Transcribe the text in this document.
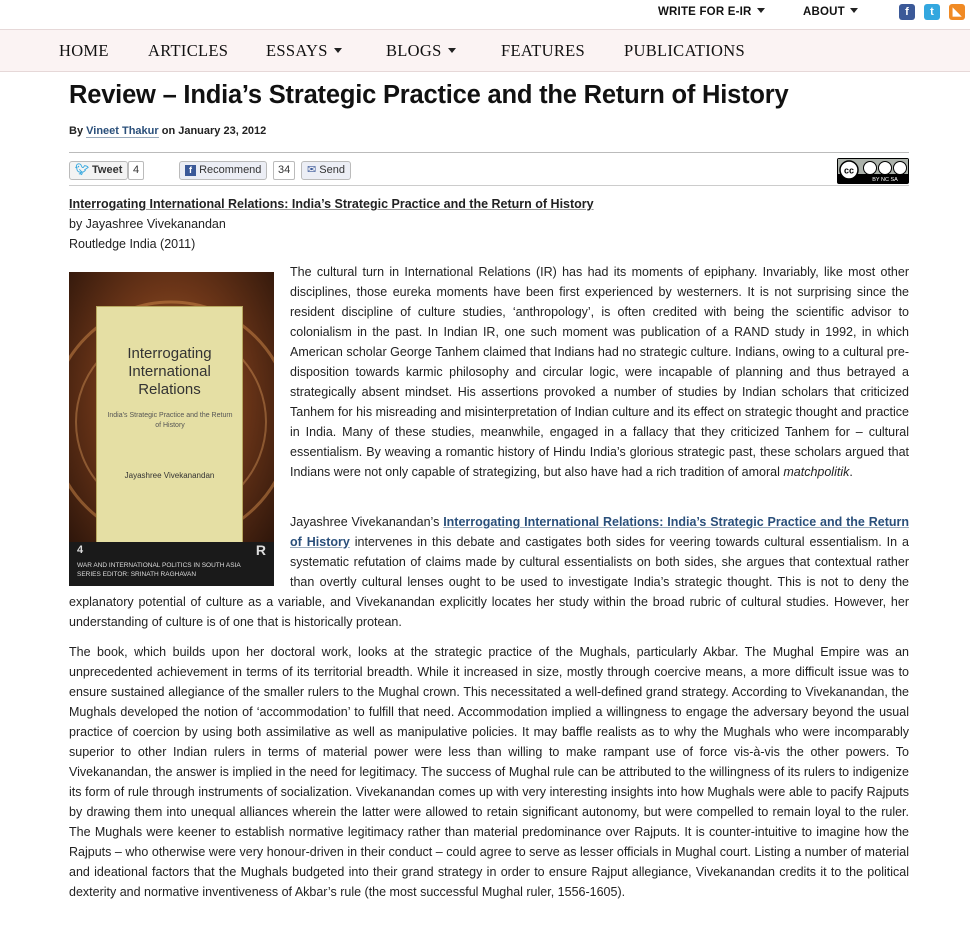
WRITE FOR E-IR	ABOUT	f	t	◣
HOME ARTICLES ESSAYS	BLOGS	FEATURES PUBLICATIONS
Review – India’s Strategic Practice and the Return of History
By Vineet Thakur on January 23, 2012
🐦︎ Tweet 4	f Recommend	34	✉︎ Send	cc
BY NC SA
Interrogating International Relations: India’s Strategic Practice and the Return of History
by Jayashree Vivekanandan
Routledge India (2011)
Interrogating International Relations
India’s Strategic Practice and the Return of History
Jayashree Vivekanandan
4	R
WAR AND INTERNATIONAL POLITICS IN SOUTH ASIA
SERIES EDITOR: SRINATH RAGHAVAN

The cultural turn in International Relations (IR) has had its moments of epiphany. Invariably, like most other disciplines, those eureka moments have been first experienced by westerners. It is not surprising since the resident discipline of culture studies, ‘anthropology’, is often credited with being the scientific advisor to colonialism in the past. In Indian IR, one such moment was publication of a RAND study in 1992, in which American scholar George Tanhem claimed that Indians had no strategic culture. Indians, owing to a cultural pre-disposition towards karmic philosophy and circular logic, were incapable of planning and thus betrayed a strategically absent mindset. His assertions provoked a number of studies by Indian scholars that criticized Tanhem for his misreading and misinterpretation of Indian culture and its effect on strategic thought and practice in India. Many of these studies, meanwhile, engaged in a fallacy that they criticized Tanhem for – cultural essentialism. By weaving a romantic history of Hindu India’s glorious strategic past, these scholars argued that Indians were not only capable of strategizing, but also have had a rich tradition of amoral matchpolitik.

Jayashree Vivekanandan’s Interrogating International Relations: India’s Strategic Practice and the Return of History intervenes in this debate and castigates both sides for veering towards cultural essentialism. In a systematic refutation of claims made by cultural essentialists on both sides, she argues that contextual rather than overtly cultural lenses ought to be used to investigate India’s strategic thought. This is not to deny the explanatory potential of culture as a variable, and Vivekanandan explicitly locates her study within the broad rubric of cultural studies. However, her understanding of culture is of one that is historically protean.

The book, which builds upon her doctoral work, looks at the strategic practice of the Mughals, particularly Akbar. The Mughal Empire was an unprecedented achievement in terms of its territorial breadth. While it increased in size, mostly through coercive means, a more difficult issue was to ensure sustained allegiance of the smaller rulers to the Mughal crown. This necessitated a well-defined grand strategy. According to Vivekanandan, the Mughals developed the notion of ‘accommodation’ to fulfill that need. Accommodation implied a willingness to engage the adversary beyond the usual practice of coercion by using both assimilative as well as manipulative policies. It may baffle realists as to why the Mughals who were incomparably superior to other Indian rulers in terms of material power were less than willing to make rampant use of force vis-à-vis the other powers. To Vivekanandan, the answer is implied in the need for legitimacy. The success of Mughal rule can be attributed to the willingness of its rulers to indigenize its form of rule through instruments of socialization. Vivekanandan comes up with very interesting insights into how Mughals were able to pacify Rajputs by drawing them into unequal alliances wherein the latter were allowed to retain significant autonomy, but were compelled to remain loyal to the ruler. The Mughals were keener to establish normative legitimacy rather than material predominance over Rajputs. It is counter-intuitive to imagine how the Rajputs – who otherwise were very honour-driven in their conduct – could agree to serve as lesser officials in Mughal court. Listing a number of material and ideational factors that the Mughals budgeted into their grand strategy in order to ensure Rajput allegiance, Vivekanandan credits it to the political dexterity and normative inventiveness of Akbar’s rule (the most successful Mughal ruler, 1556-1605).
